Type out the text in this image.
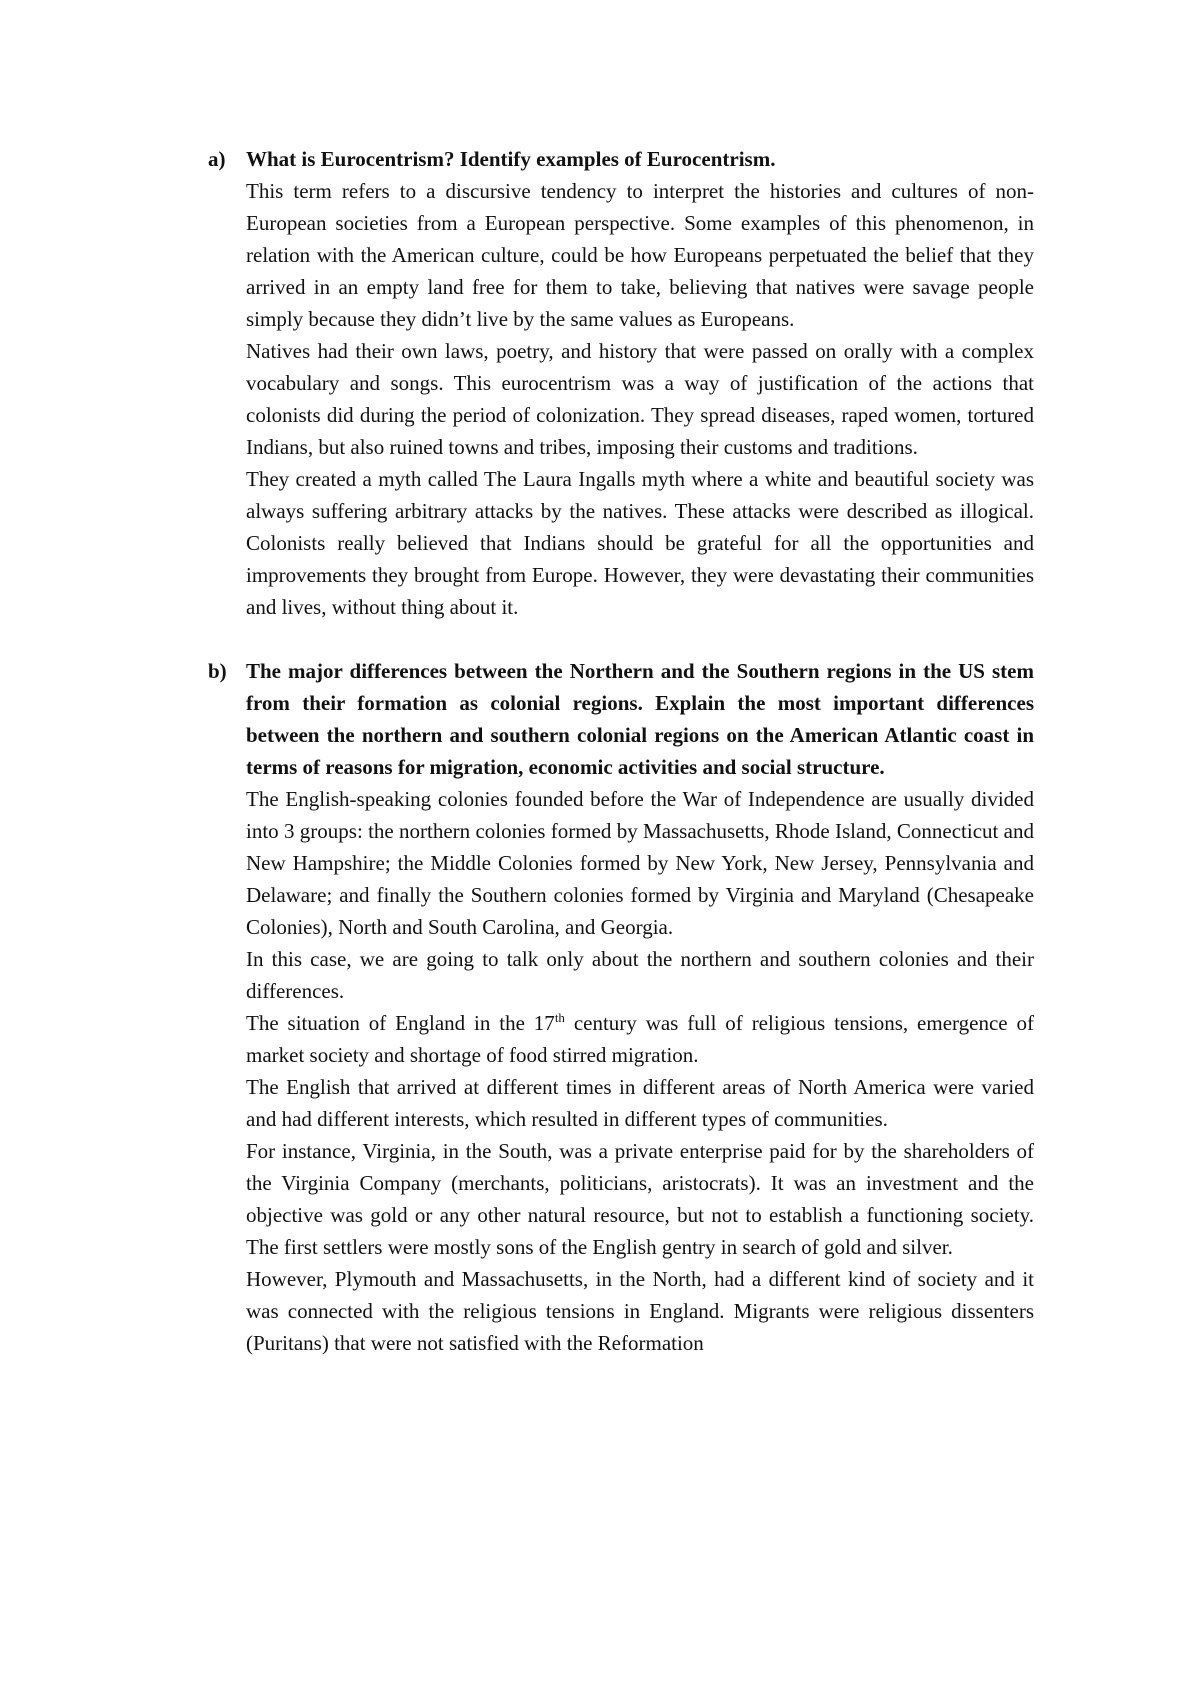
a) What is Eurocentrism? Identify examples of Eurocentrism.

This term refers to a discursive tendency to interpret the histories and cultures of non-European societies from a European perspective. Some examples of this phenomenon, in relation with the American culture, could be how Europeans perpetuated the belief that they arrived in an empty land free for them to take, believing that natives were savage people simply because they didn’t live by the same values as Europeans.

Natives had their own laws, poetry, and history that were passed on orally with a complex vocabulary and songs. This eurocentrism was a way of justification of the actions that colonists did during the period of colonization. They spread diseases, raped women, tortured Indians, but also ruined towns and tribes, imposing their customs and traditions.

They created a myth called The Laura Ingalls myth where a white and beautiful society was always suffering arbitrary attacks by the natives. These attacks were described as illogical. Colonists really believed that Indians should be grateful for all the opportunities and improvements they brought from Europe. However, they were devastating their communities and lives, without thing about it.

b) The major differences between the Northern and the Southern regions in the US stem from their formation as colonial regions. Explain the most important differences between the northern and southern colonial regions on the American Atlantic coast in terms of reasons for migration, economic activities and social structure.

The English-speaking colonies founded before the War of Independence are usually divided into 3 groups: the northern colonies formed by Massachusetts, Rhode Island, Connecticut and New Hampshire; the Middle Colonies formed by New York, New Jersey, Pennsylvania and Delaware; and finally the Southern colonies formed by Virginia and Maryland (Chesapeake Colonies), North and South Carolina, and Georgia.

In this case, we are going to talk only about the northern and southern colonies and their differences.

The situation of England in the 17th century was full of religious tensions, emergence of market society and shortage of food stirred migration.

The English that arrived at different times in different areas of North America were varied and had different interests, which resulted in different types of communities.

For instance, Virginia, in the South, was a private enterprise paid for by the shareholders of the Virginia Company (merchants, politicians, aristocrats). It was an investment and the objective was gold or any other natural resource, but not to establish a functioning society. The first settlers were mostly sons of the English gentry in search of gold and silver.

However, Plymouth and Massachusetts, in the North, had a different kind of society and it was connected with the religious tensions in England. Migrants were religious dissenters (Puritans) that were not satisfied with the Reformation
